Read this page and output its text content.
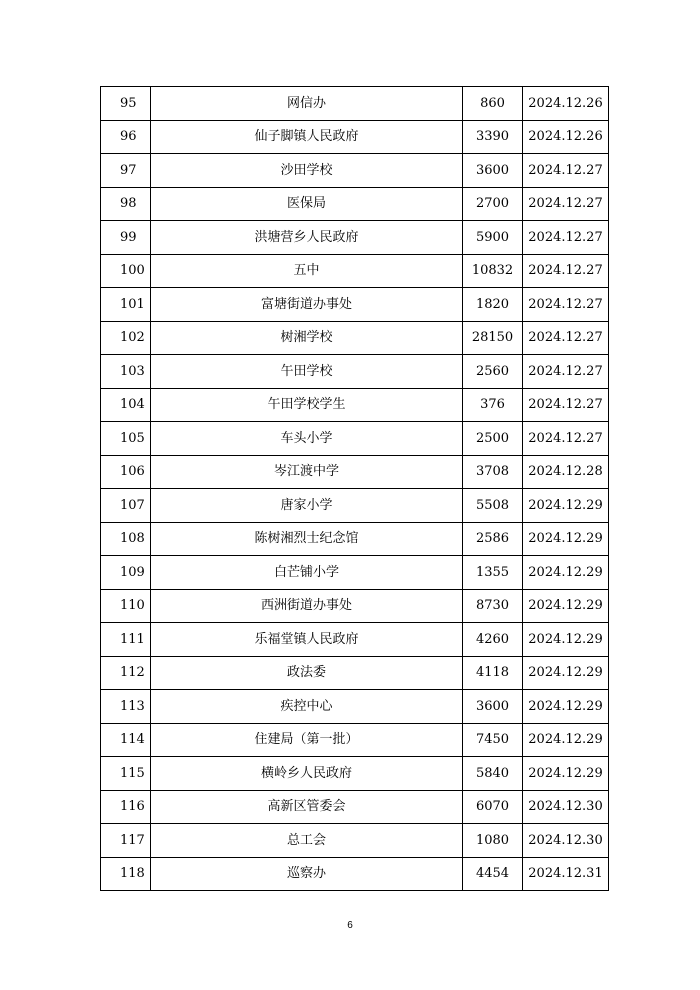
95	网信办	860	2024.12.26
96	仙子脚镇人民政府	3390	2024.12.26
97	沙田学校	3600	2024.12.27
98	医保局	2700	2024.12.27
99	洪塘营乡人民政府	5900	2024.12.27
100	五中	10832	2024.12.27
101	富塘街道办事处	1820	2024.12.27
102	树湘学校	28150	2024.12.27
103	午田学校	2560	2024.12.27
104	午田学校学生	376	2024.12.27
105	车头小学	2500	2024.12.27
106	岑江渡中学	3708	2024.12.28
107	唐家小学	5508	2024.12.29
108	陈树湘烈士纪念馆	2586	2024.12.29
109	白芒铺小学	1355	2024.12.29
110	西洲街道办事处	8730	2024.12.29
111	乐福堂镇人民政府	4260	2024.12.29
112	政法委	4118	2024.12.29
113	疾控中心	3600	2024.12.29
114	住建局（第一批）	7450	2024.12.29
115	横岭乡人民政府	5840	2024.12.29
116	高新区管委会	6070	2024.12.30
117	总工会	1080	2024.12.30
118	巡察办	4454	2024.12.31
6
